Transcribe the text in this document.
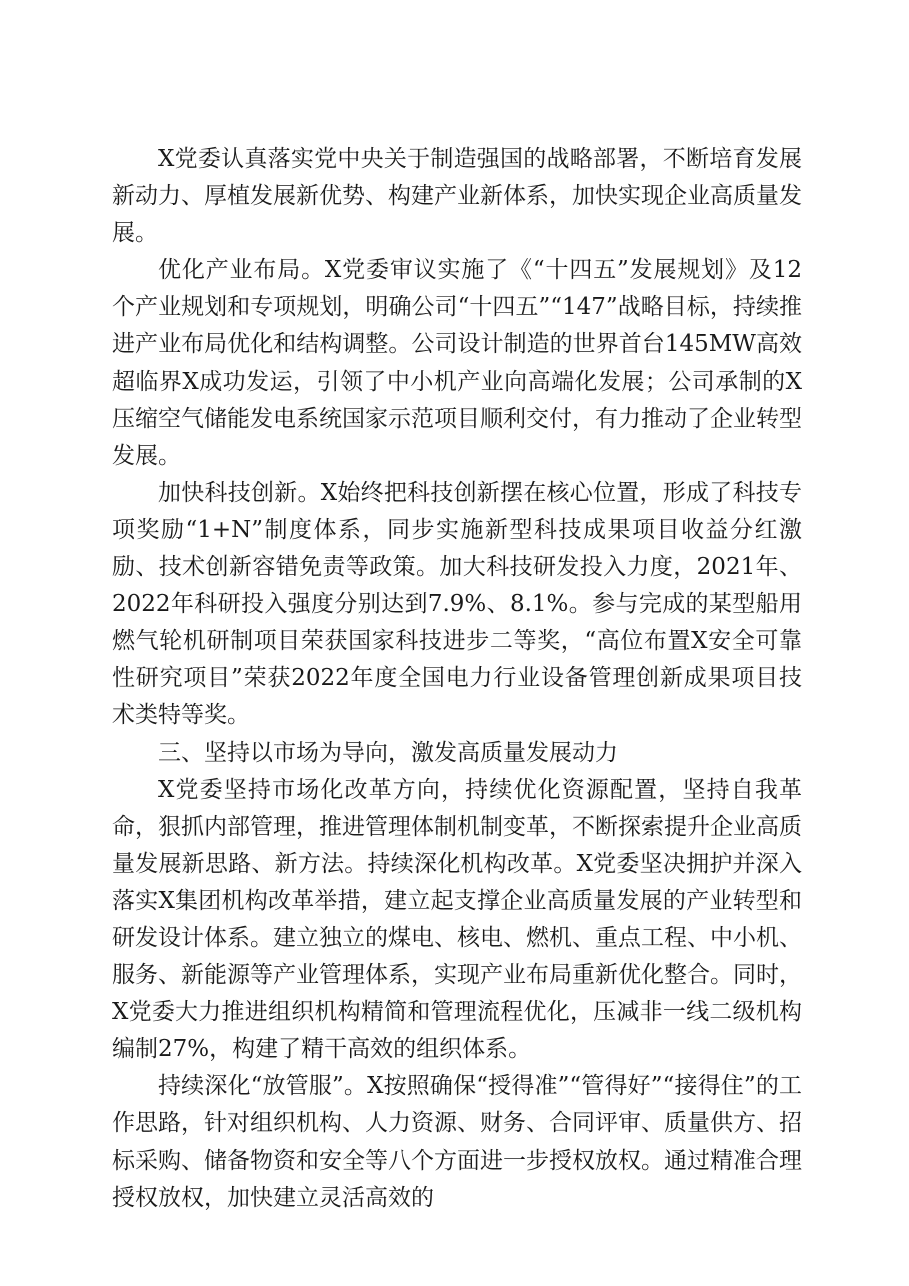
X党委认真落实党中央关于制造强国的战略部署，不断培育发展新动力、厚植发展新优势、构建产业新体系，加快实现企业高质量发展。

优化产业布局。X党委审议实施了《“十四五”发展规划》及12个产业规划和专项规划，明确公司“十四五”“147”战略目标，持续推进产业布局优化和结构调整。公司设计制造的世界首台145MW高效超临界X成功发运，引领了中小机产业向高端化发展；公司承制的X压缩空气储能发电系统国家示范项目顺利交付，有力推动了企业转型发展。

加快科技创新。X始终把科技创新摆在核心位置，形成了科技专项奖励“1+N”制度体系，同步实施新型科技成果项目收益分红激励、技术创新容错免责等政策。加大科技研发投入力度，2021年、2022年科研投入强度分别达到7.9%、8.1%。参与完成的某型船用燃气轮机研制项目荣获国家科技进步二等奖，“高位布置X安全可靠性研究项目”荣获2022年度全国电力行业设备管理创新成果项目技术类特等奖。

三、坚持以市场为导向，激发高质量发展动力

X党委坚持市场化改革方向，持续优化资源配置，坚持自我革命，狠抓内部管理，推进管理体制机制变革，不断探索提升企业高质量发展新思路、新方法。持续深化机构改革。X党委坚决拥护并深入落实X集团机构改革举措，建立起支撑企业高质量发展的产业转型和研发设计体系。建立独立的煤电、核电、燃机、重点工程、中小机、服务、新能源等产业管理体系，实现产业布局重新优化整合。同时，X党委大力推进组织机构精简和管理流程优化，压减非一线二级机构编制27%，构建了精干高效的组织体系。

持续深化“放管服”。X按照确保“授得准”“管得好”“接得住”的工作思路，针对组织机构、人力资源、财务、合同评审、质量供方、招标采购、储备物资和安全等八个方面进一步授权放权。通过精准合理授权放权，加快建立灵活高效的
